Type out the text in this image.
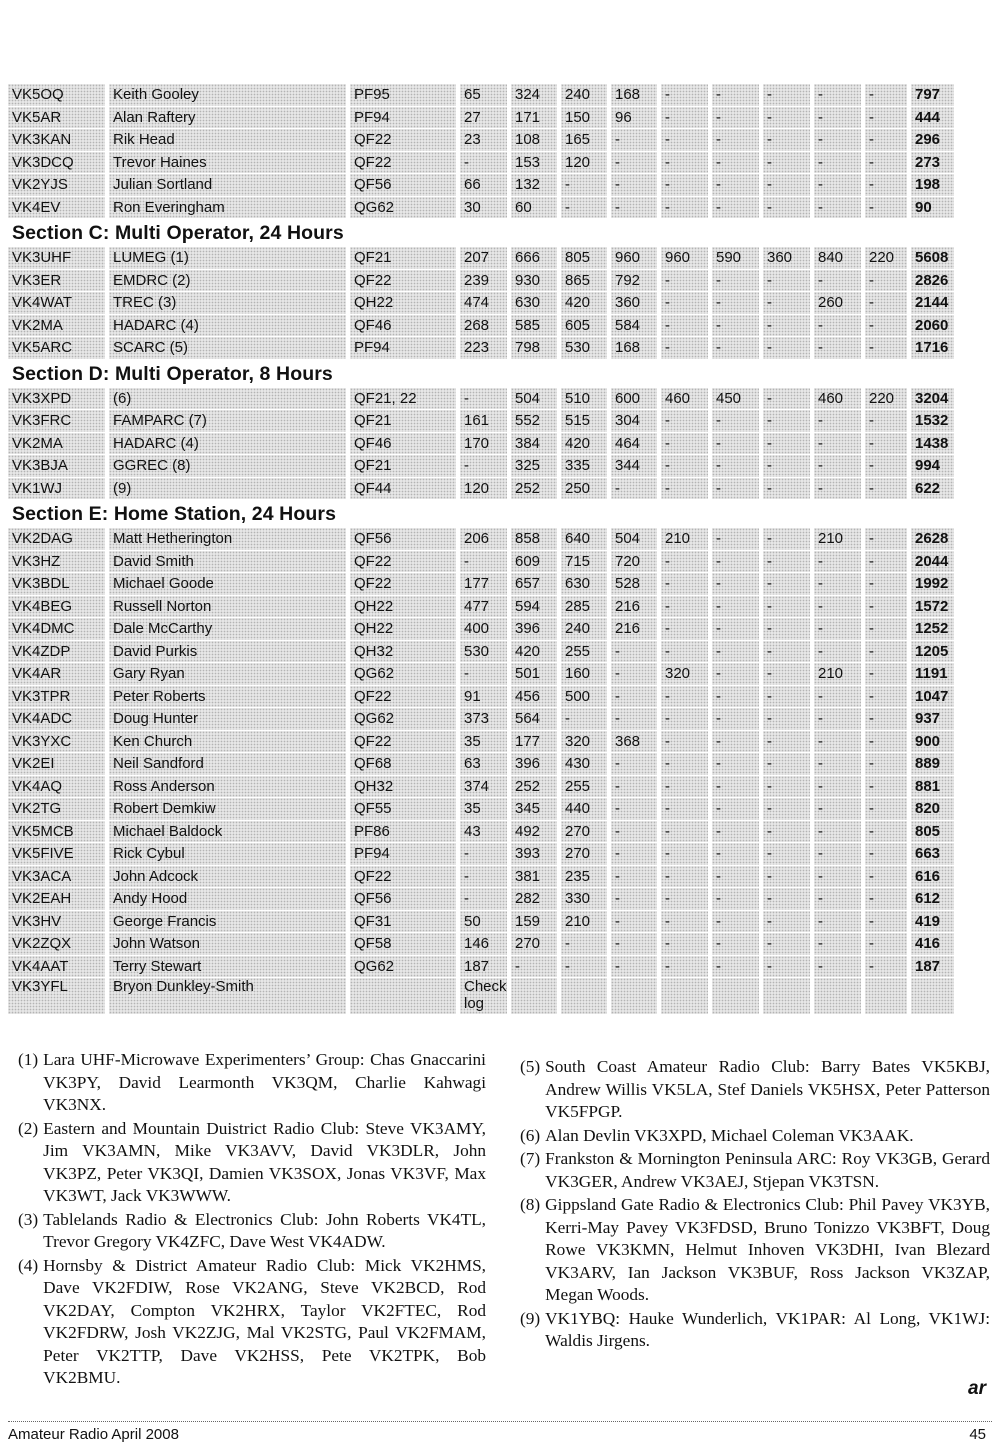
VK5OQ	Keith Gooley	PF95	65	324	240	168	-	-	-	-	-	797
VK5AR	Alan Raftery	PF94	27	171	150	96	-	-	-	-	-	444
VK3KAN	Rik Head	QF22	23	108	165	-	-	-	-	-	-	296
VK3DCQ	Trevor Haines	QF22	-	153	120	-	-	-	-	-	-	273
VK2YJS	Julian Sortland	QF56	66	132	-	-	-	-	-	-	-	198
VK4EV	Ron Everingham	QG62	30	60	-	-	-	-	-	-	-	90
Section C: Multi Operator, 24 Hours
VK3UHF	LUMEG (1)	QF21	207	666	805	960	960	590	360	840	220	5608
VK3ER	EMDRC (2)	QF22	239	930	865	792	-	-	-	-	-	2826
VK4WAT	TREC (3)	QH22	474	630	420	360	-	-	-	260	-	2144
VK2MA	HADARC (4)	QF46	268	585	605	584	-	-	-	-	-	2060
VK5ARC	SCARC (5)	PF94	223	798	530	168	-	-	-	-	-	1716
Section D: Multi Operator, 8 Hours
VK3XPD	(6)	QF21, 22	-	504	510	600	460	450	-	460	220	3204
VK3FRC	FAMPARC (7)	QF21	161	552	515	304	-	-	-	-	-	1532
VK2MA	HADARC (4)	QF46	170	384	420	464	-	-	-	-	-	1438
VK3BJA	GGREC (8)	QF21	-	325	335	344	-	-	-	-	-	994
VK1WJ	(9)	QF44	120	252	250	-	-	-	-	-	-	622
Section E: Home Station, 24 Hours
VK2DAG	Matt Hetherington	QF56	206	858	640	504	210	-	-	210	-	2628
VK3HZ	David Smith	QF22	-	609	715	720	-	-	-	-	-	2044
VK3BDL	Michael Goode	QF22	177	657	630	528	-	-	-	-	-	1992
VK4BEG	Russell Norton	QH22	477	594	285	216	-	-	-	-	-	1572
VK4DMC	Dale McCarthy	QH22	400	396	240	216	-	-	-	-	-	1252
VK4ZDP	David Purkis	QH32	530	420	255	-	-	-	-	-	-	1205
VK4AR	Gary Ryan	QG62	-	501	160	-	320	-	-	210	-	1191
VK3TPR	Peter Roberts	QF22	91	456	500	-	-	-	-	-	-	1047
VK4ADC	Doug Hunter	QG62	373	564	-	-	-	-	-	-	-	937
VK3YXC	Ken Church	QF22	35	177	320	368	-	-	-	-	-	900
VK2EI	Neil Sandford	QF68	63	396	430	-	-	-	-	-	-	889
VK4AQ	Ross Anderson	QH32	374	252	255	-	-	-	-	-	-	881
VK2TG	Robert Demkiw	QF55	35	345	440	-	-	-	-	-	-	820
VK5MCB	Michael Baldock	PF86	43	492	270	-	-	-	-	-	-	805
VK5FIVE	Rick Cybul	PF94	-	393	270	-	-	-	-	-	-	663
VK3ACA	John Adcock	QF22	-	381	235	-	-	-	-	-	-	616
VK2EAH	Andy Hood	QF56	-	282	330	-	-	-	-	-	-	612
VK3HV	George Francis	QF31	50	159	210	-	-	-	-	-	-	419
VK2ZQX	John Watson	QF58	146	270	-	-	-	-	-	-	-	416
VK4AAT	Terry Stewart	QG62	187	-	-	-	-	-	-	-	-	187
VK3YFL	Bryon Dunkley-Smith		Check log									
(1) Lara UHF-Microwave Experimenters’ Group: Chas Gnaccarini VK3PY, David Learmonth VK3QM, Charlie Kahwagi VK3NX.
(2) Eastern and Mountain Duistrict Radio Club: Steve VK3AMY, Jim VK3AMN, Mike VK3AVV, David VK3DLR, John VK3PZ, Peter VK3QI, Damien VK3SOX, Jonas VK3VF, Max VK3WT, Jack VK3WWW.
(3) Tablelands Radio & Electronics Club: John Roberts VK4TL, Trevor Gregory VK4ZFC, Dave West VK4ADW.
(4) Hornsby & District Amateur Radio Club: Mick VK2HMS, Dave VK2FDIW, Rose VK2ANG, Steve VK2BCD, Rod VK2DAY, Compton VK2HRX, Taylor VK2FTEC, Rod VK2FDRW, Josh VK2ZJG, Mal VK2STG, Paul VK2FMAM, Peter VK2TTP, Dave VK2HSS, Pete VK2TPK, Bob VK2BMU.
(5) South Coast Amateur Radio Club: Barry Bates VK5KBJ, Andrew Willis VK5LA, Stef Daniels VK5HSX, Peter Patterson VK5FPGP.
(6) Alan Devlin VK3XPD, Michael Coleman VK3AAK.
(7) Frankston & Mornington Peninsula ARC: Roy VK3GB, Gerard VK3GER, Andrew VK3AEJ, Stjepan VK3TSN.
(8) Gippsland Gate Radio & Electronics Club: Phil Pavey VK3YB, Kerri-May Pavey VK3FDSD, Bruno Tonizzo VK3BFT, Doug Rowe VK3KMN, Helmut Inhoven VK3DHI, Ivan Blezard VK3ARV, Ian Jackson VK3BUF, Ross Jackson VK3ZAP, Megan Woods.
(9) VK1YBQ: Hauke Wunderlich, VK1PAR: Al Long, VK1WJ: Waldis Jirgens.
ar
Amateur Radio April 2008	45
